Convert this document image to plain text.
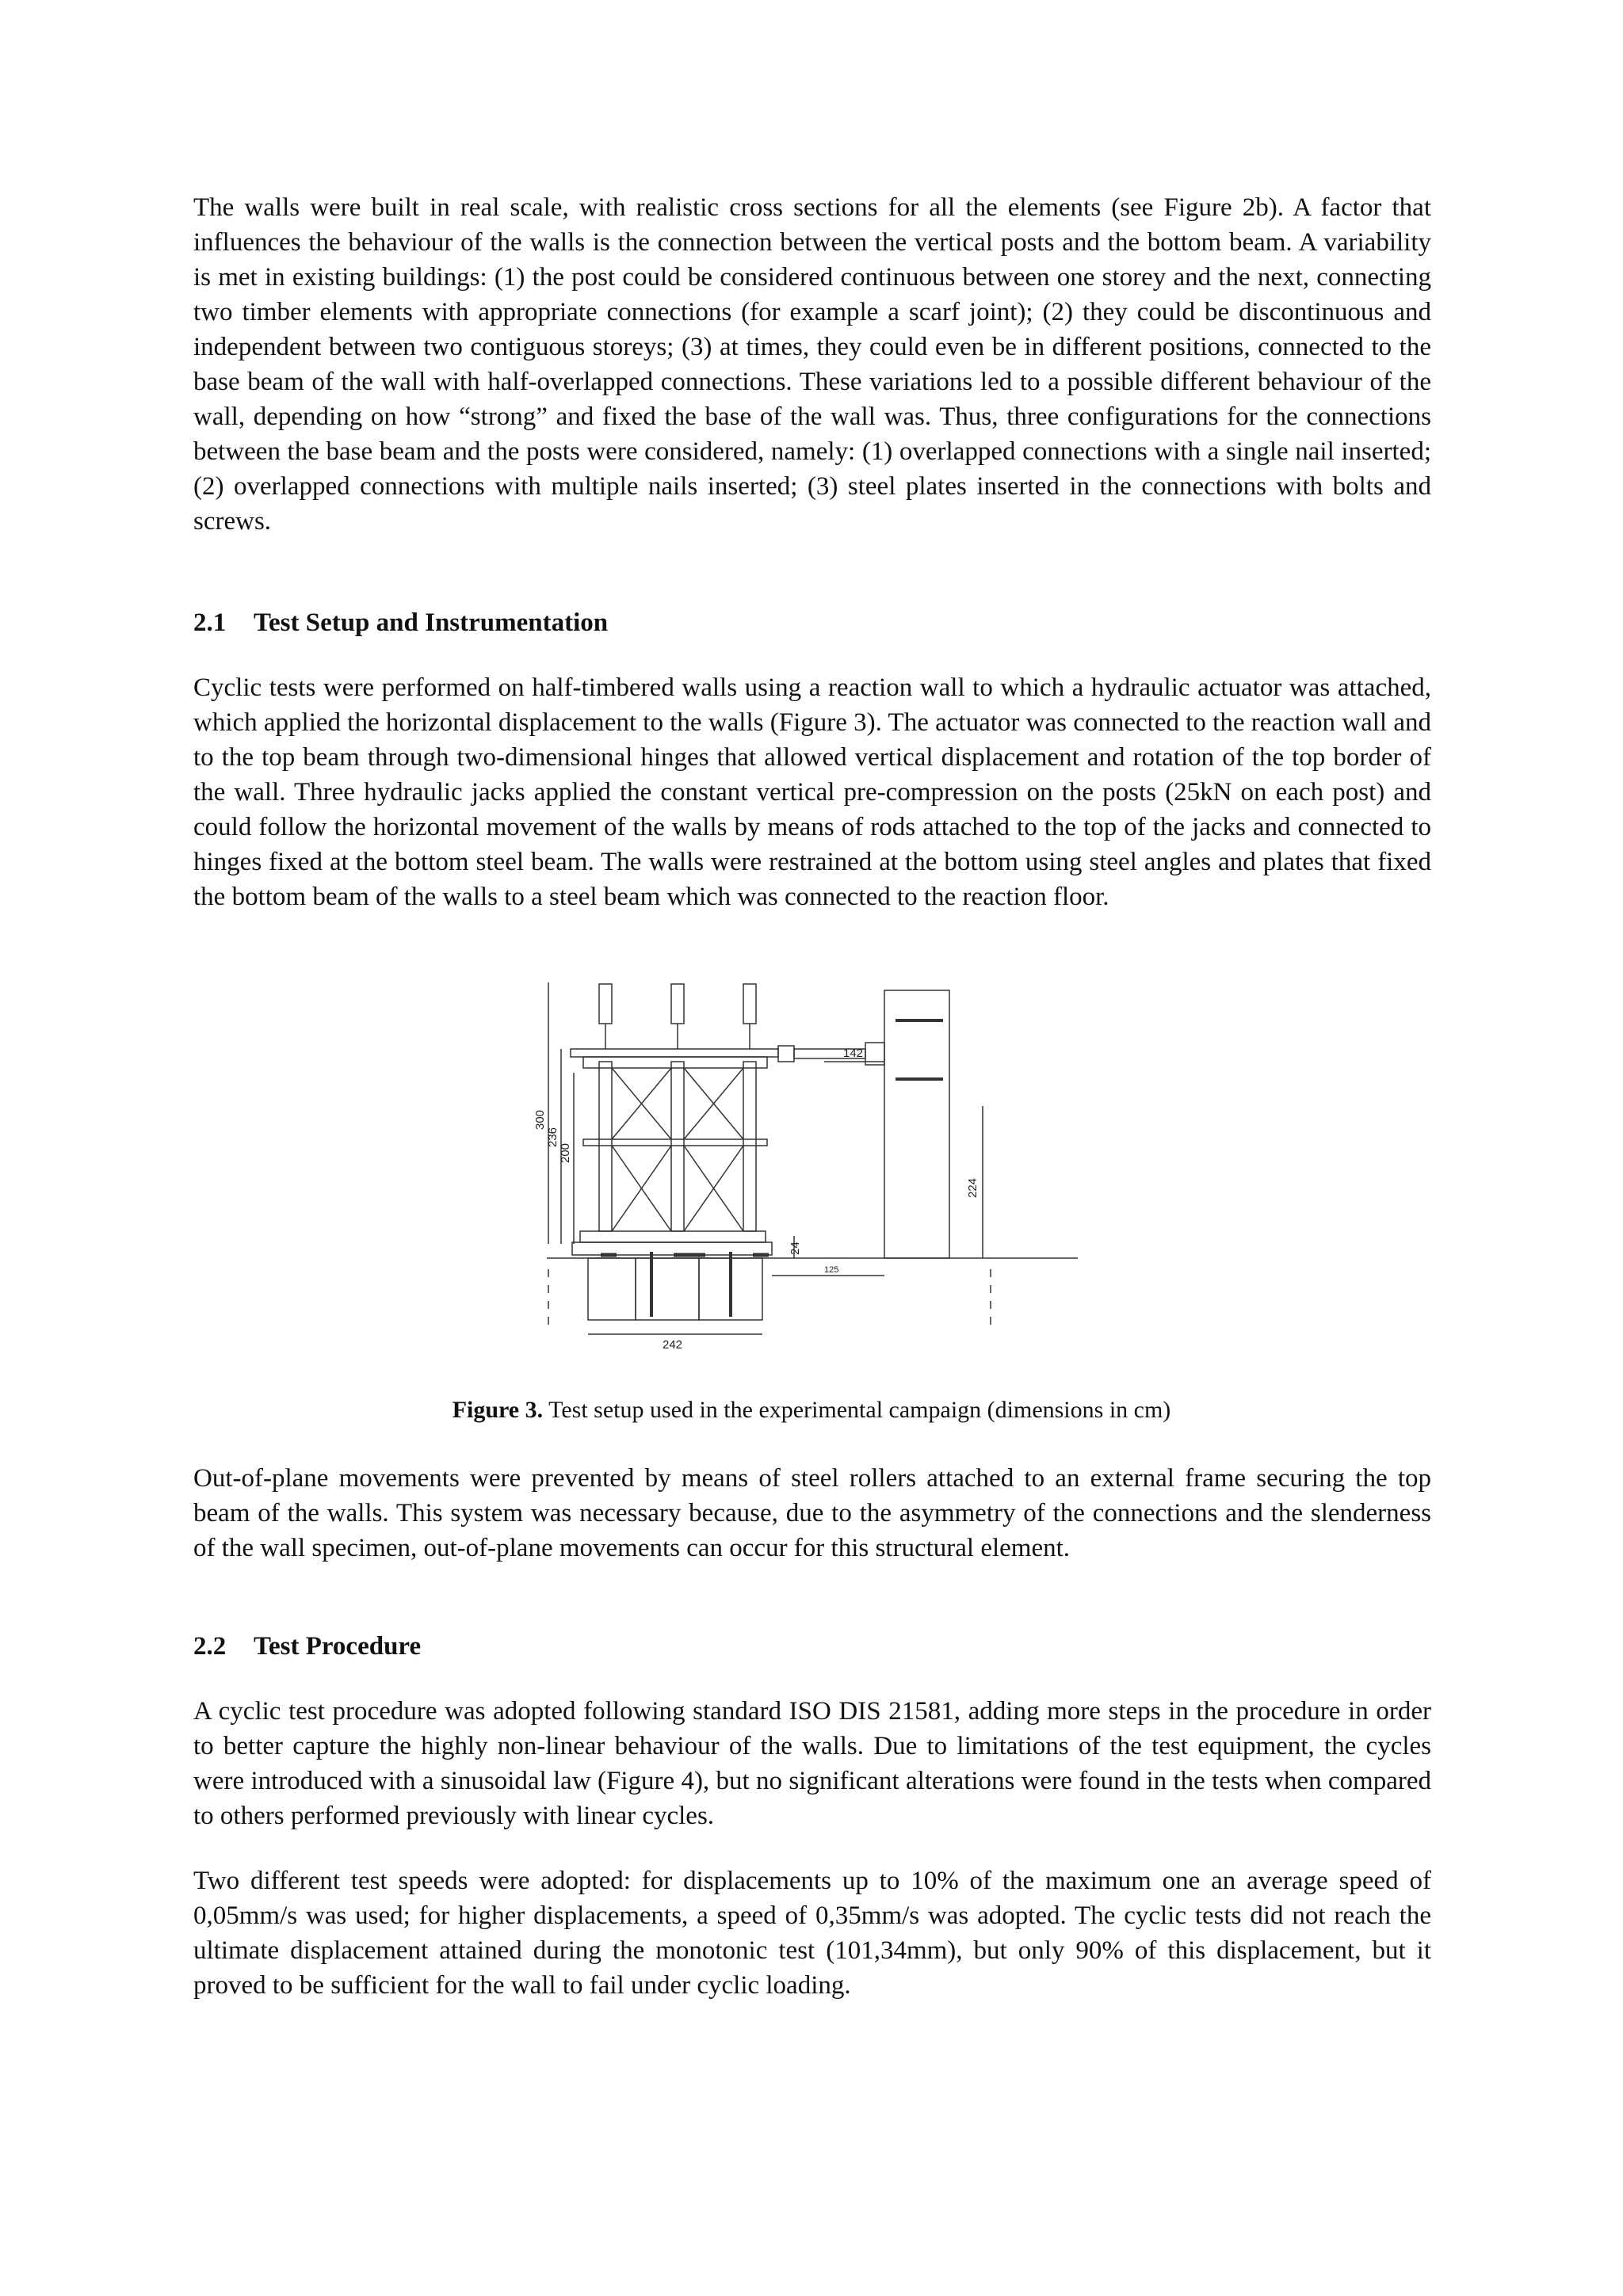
The walls were built in real scale, with realistic cross sections for all the elements (see Figure 2b). A factor that influences the behaviour of the walls is the connection between the vertical posts and the bottom beam. A variability is met in existing buildings: (1) the post could be considered continuous between one storey and the next, connecting two timber elements with appropriate connections (for example a scarf joint); (2) they could be discontinuous and independent between two contiguous storeys; (3) at times, they could even be in different positions, connected to the base beam of the wall with half-overlapped connections. These variations led to a possible different behaviour of the wall, depending on how “strong” and fixed the base of the wall was. Thus, three configurations for the connections between the base beam and the posts were considered, namely: (1) overlapped connections with a single nail inserted; (2) overlapped connections with multiple nails inserted; (3) steel plates inserted in the connections with bolts and screws.

2.1 Test Setup and Instrumentation

Cyclic tests were performed on half-timbered walls using a reaction wall to which a hydraulic actuator was attached, which applied the horizontal displacement to the walls (Figure 3). The actuator was connected to the reaction wall and to the top beam through two-dimensional hinges that allowed vertical displacement and rotation of the top border of the wall. Three hydraulic jacks applied the constant vertical pre-compression on the posts (25kN on each post) and could follow the horizontal movement of the walls by means of rods attached to the top of the jacks and connected to hinges fixed at the bottom steel beam. The walls were restrained at the bottom using steel angles and plates that fixed the bottom beam of the walls to a steel beam which was connected to the reaction floor.

300
236
200
142
224
24
125
242

Figure 3. Test setup used in the experimental campaign (dimensions in cm)

Out-of-plane movements were prevented by means of steel rollers attached to an external frame securing the top beam of the walls. This system was necessary because, due to the asymmetry of the connections and the slenderness of the wall specimen, out-of-plane movements can occur for this structural element.

2.2 Test Procedure

A cyclic test procedure was adopted following standard ISO DIS 21581, adding more steps in the procedure in order to better capture the highly non-linear behaviour of the walls. Due to limitations of the test equipment, the cycles were introduced with a sinusoidal law (Figure 4), but no significant alterations were found in the tests when compared to others performed previously with linear cycles.

Two different test speeds were adopted: for displacements up to 10% of the maximum one an average speed of 0,05mm/s was used; for higher displacements, a speed of 0,35mm/s was adopted. The cyclic tests did not reach the ultimate displacement attained during the monotonic test (101,34mm), but only 90% of this displacement, but it proved to be sufficient for the wall to fail under cyclic loading.
